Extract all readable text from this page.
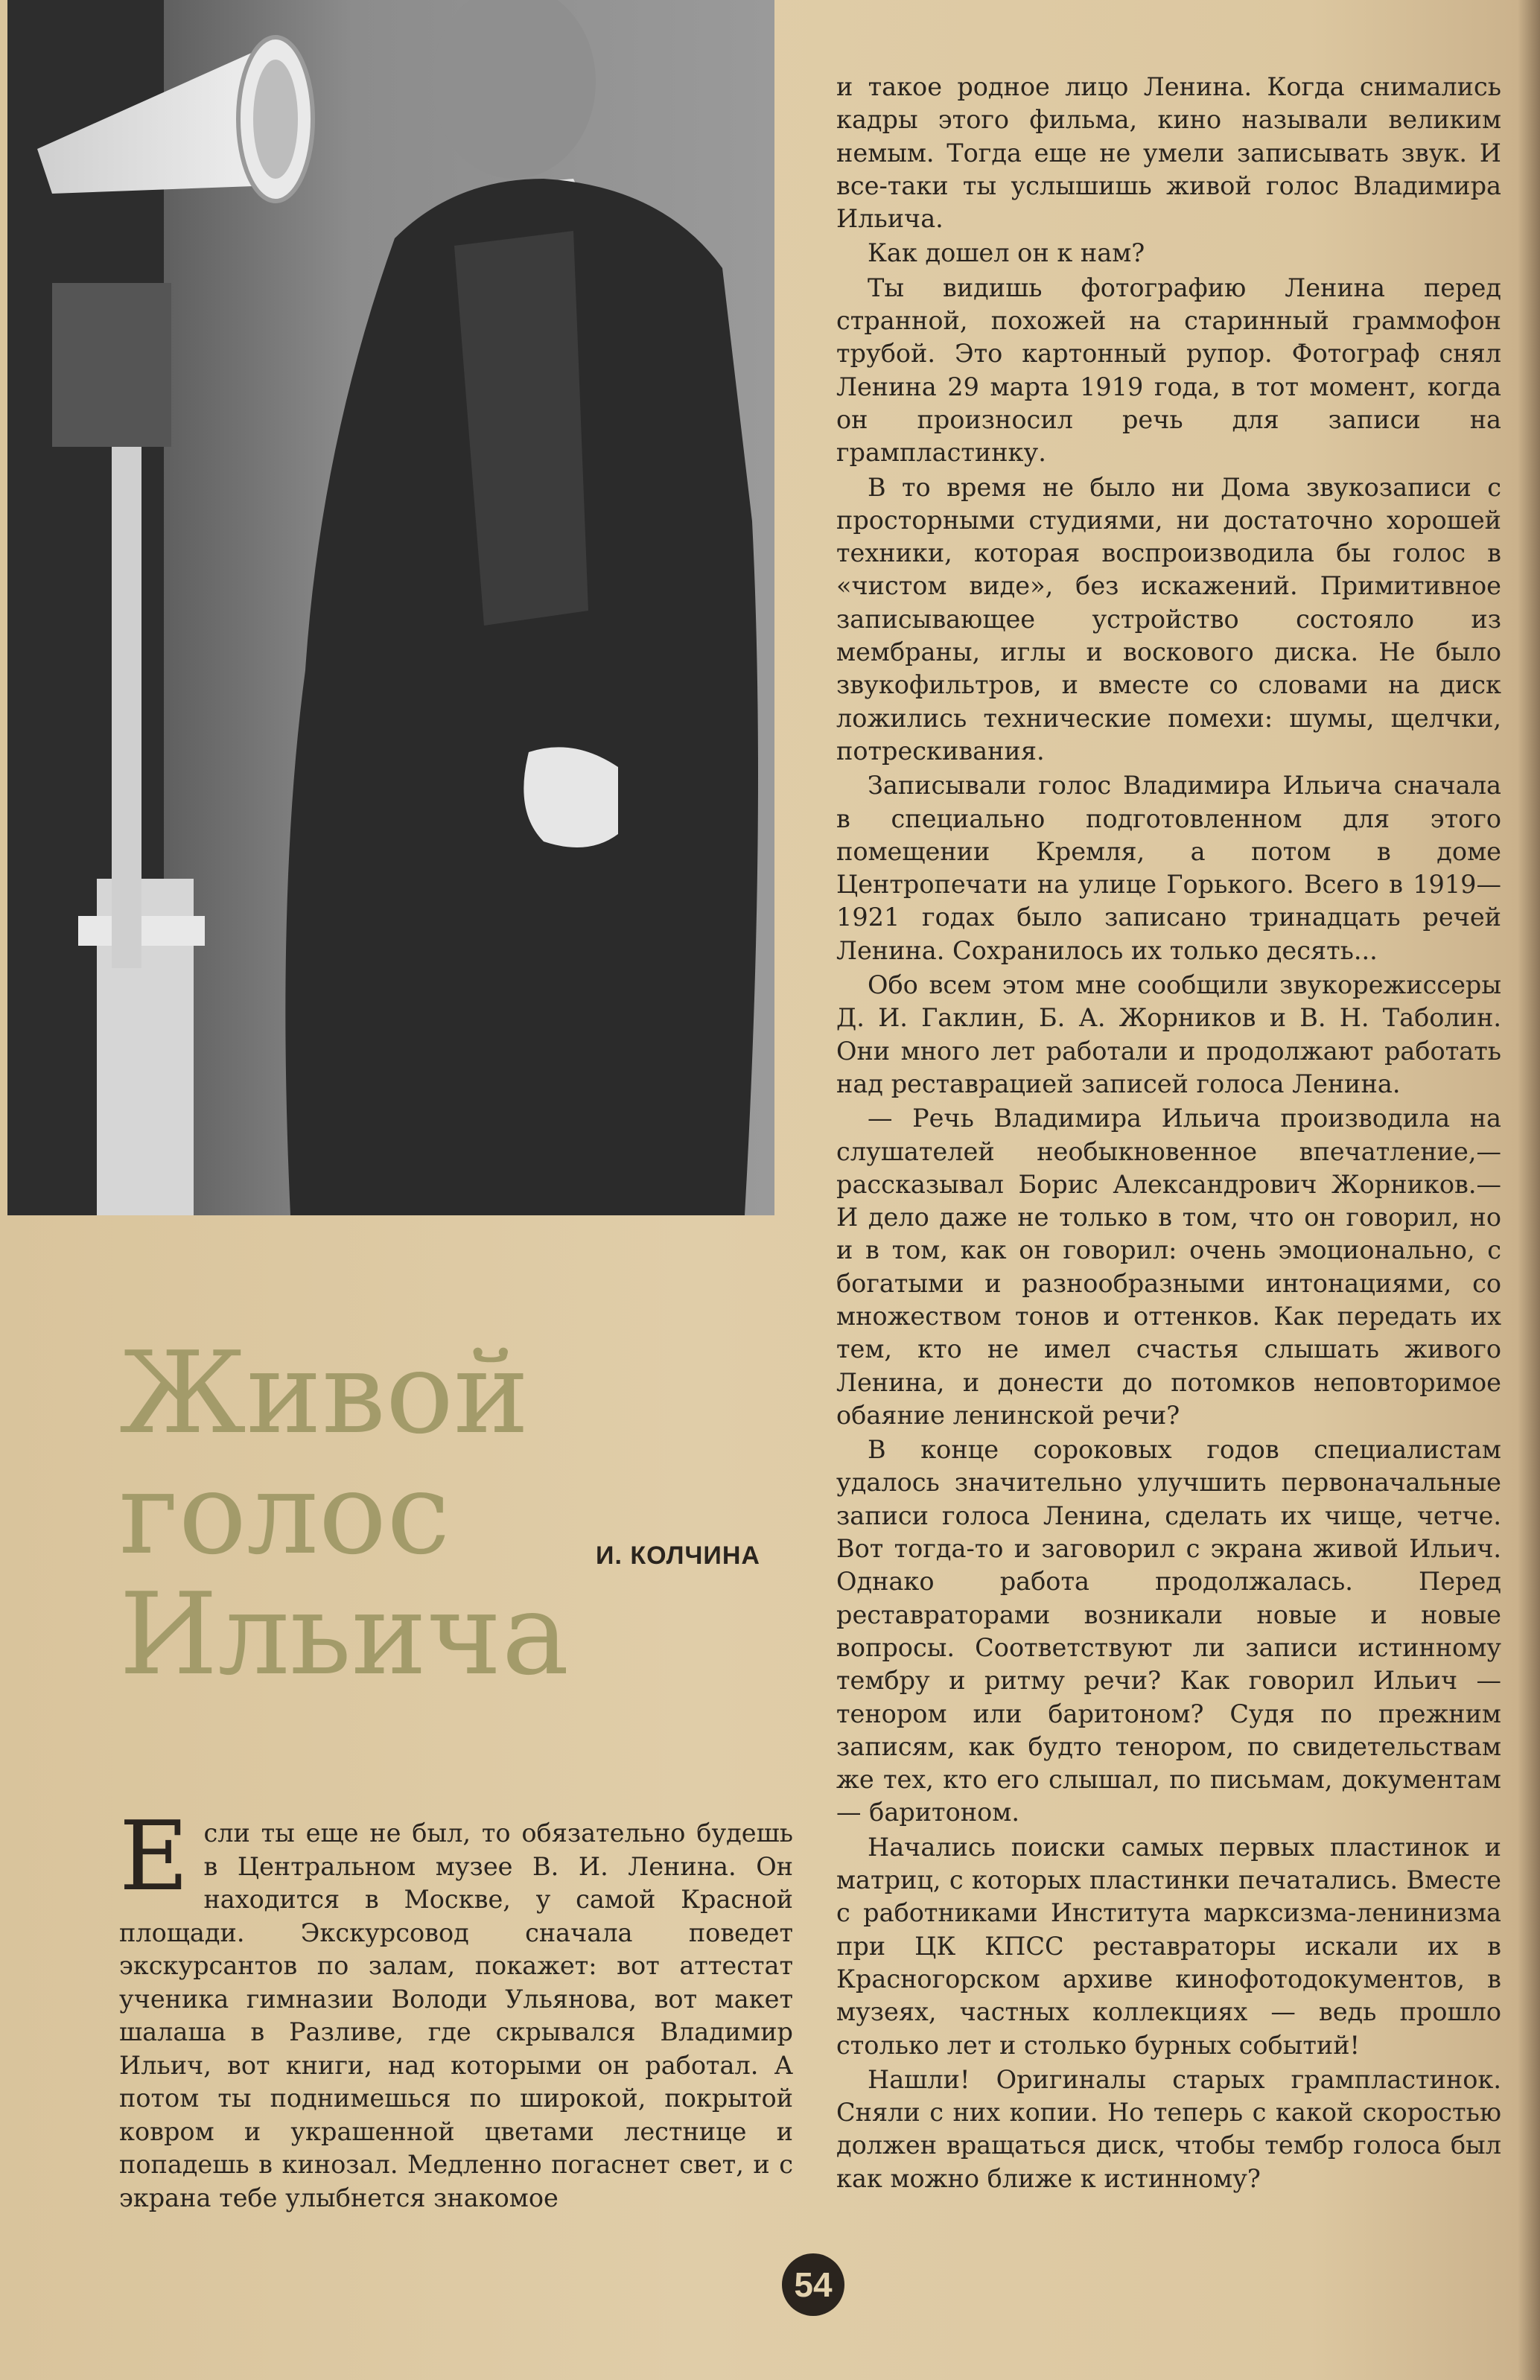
Живой
голос
Ильича
И. КОЛЧИНА

Если ты еще не был, то обязательно будешь в Центральном музее В. И. Ленина. Он находится в Москве, у самой Красной площади. Экскурсовод сначала поведет экскурсантов по залам, покажет: вот аттестат ученика гимназии Володи Ульянова, вот макет шалаша в Разливе, где скрывался Владимир Ильич, вот книги, над которыми он работал. А потом ты поднимешься по широкой, покрытой ковром и украшенной цветами лестнице и попадешь в кинозал. Медленно погаснет свет, и с экрана тебе улыбнется знакомое

и такое родное лицо Ленина. Когда снимались кадры этого фильма, кино называли великим немым. Тогда еще не умели записывать звук. И все-таки ты услышишь живой голос Владимира Ильича.

Как дошел он к нам?

Ты видишь фотографию Ленина перед странной, похожей на старинный граммофон трубой. Это картонный рупор. Фотограф снял Ленина 29 марта 1919 года, в тот момент, когда он произносил речь для записи на грампластинку.

В то время не было ни Дома звукозаписи с просторными студиями, ни достаточно хорошей техники, которая воспроизводила бы голос в «чистом виде», без искажений. Примитивное записывающее устройство состояло из мембраны, иглы и воскового диска. Не было звукофильтров, и вместе со словами на диск ложились технические помехи: шумы, щелчки, потрескивания.

Записывали голос Владимира Ильича сначала в специально подготовленном для этого помещении Кремля, а потом в доме Центропечати на улице Горького. Всего в 1919—1921 годах было записано тринадцать речей Ленина. Сохранилось их только десять...

Обо всем этом мне сообщили звукорежиссеры Д. И. Гаклин, Б. А. Жорников и В. Н. Таболин. Они много лет работали и продолжают работать над реставрацией записей голоса Ленина.

— Речь Владимира Ильича производила на слушателей необыкновенное впечатление,—рассказывал Борис Александрович Жорников.— И дело даже не только в том, что он говорил, но и в том, как он говорил: очень эмоционально, с богатыми и разнообразными интонациями, со множеством тонов и оттенков. Как передать их тем, кто не имел счастья слышать живого Ленина, и донести до потомков неповторимое обаяние ленинской речи?

В конце сороковых годов специалистам удалось значительно улучшить первоначальные записи голоса Ленина, сделать их чище, четче. Вот тогда-то и заговорил с экрана живой Ильич. Однако работа продолжалась. Перед реставраторами возникали новые и новые вопросы. Соответствуют ли записи истинному тембру и ритму речи? Как говорил Ильич — тенором или баритоном? Судя по прежним записям, как будто тенором, по свидетельствам же тех, кто его слышал, по письмам, документам — баритоном.

Начались поиски самых первых пластинок и матриц, с которых пластинки печатались. Вместе с работниками Института марксизма-ленинизма при ЦК КПСС реставраторы искали их в Красногорском архиве кинофотодокументов, в музеях, частных коллекциях — ведь прошло столько лет и столько бурных событий!

Нашли! Оригиналы старых грампластинок. Сняли с них копии. Но теперь с какой скоростью должен вращаться диск, чтобы тембр голоса был как можно ближе к истинному?

54
